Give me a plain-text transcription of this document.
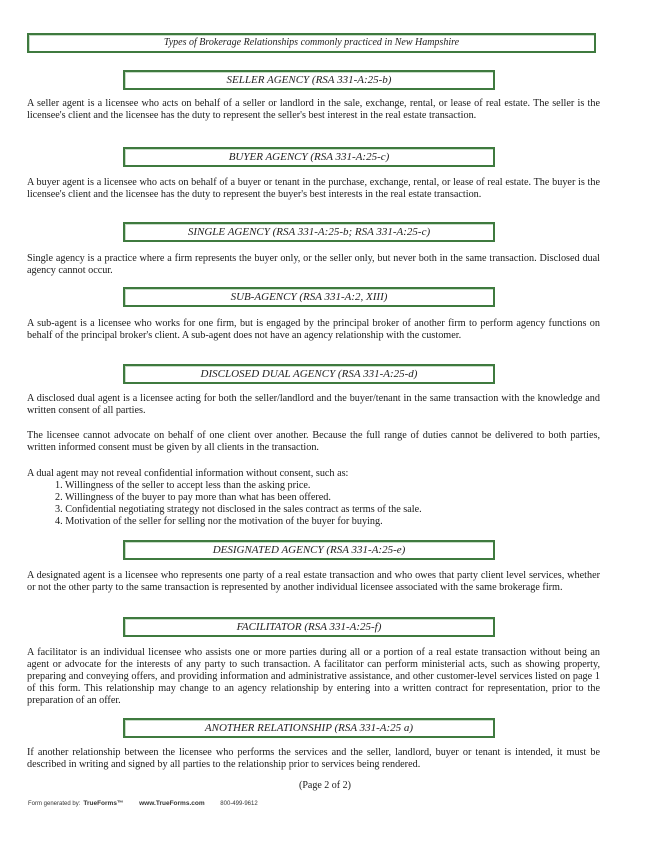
Types of Brokerage Relationships commonly practiced in New Hampshire
SELLER AGENCY (RSA 331-A:25-b)
A seller agent is a licensee who acts on behalf of a seller or landlord in the sale, exchange, rental, or lease of real estate. The seller is the licensee's client and the licensee has the duty to represent the seller's best interest in the real estate transaction.
BUYER AGENCY (RSA 331-A:25-c)
A buyer agent is a licensee who acts on behalf of a buyer or tenant in the purchase, exchange, rental, or lease of real estate. The buyer is the licensee's client and the licensee has the duty to represent the buyer's best interests in the real estate transaction.
SINGLE AGENCY (RSA 331-A:25-b; RSA 331-A:25-c)
Single agency is a practice where a firm represents the buyer only, or the seller only, but never both in the same transaction. Disclosed dual agency cannot occur.
SUB-AGENCY (RSA 331-A:2, XIII)
A sub-agent is a licensee who works for one firm, but is engaged by the principal broker of another firm to perform agency functions on behalf of the principal broker's client. A sub-agent does not have an agency relationship with the customer.
DISCLOSED DUAL AGENCY (RSA 331-A:25-d)
A disclosed dual agent is a licensee acting for both the seller/landlord and the buyer/tenant in the same transaction with the knowledge and written consent of all parties.
The licensee cannot advocate on behalf of one client over another. Because the full range of duties cannot be delivered to both parties, written informed consent must be given by all clients in the transaction.
A dual agent may not reveal confidential information without consent, such as:
1. Willingness of the seller to accept less than the asking price.
2. Willingness of the buyer to pay more than what has been offered.
3. Confidential negotiating strategy not disclosed in the sales contract as terms of the sale.
4. Motivation of the seller for selling nor the motivation of the buyer for buying.
DESIGNATED AGENCY (RSA 331-A:25-e)
A designated agent is a licensee who represents one party of a real estate transaction and who owes that party client level services, whether or not the other party to the same transaction is represented by another individual licensee associated with the same brokerage firm.
FACILITATOR (RSA 331-A:25-f)
A facilitator is an individual licensee who assists one or more parties during all or a portion of a real estate transaction without being an agent or advocate for the interests of any party to such transaction. A facilitator can perform ministerial acts, such as showing property, preparing and conveying offers, and providing information and administrative assistance, and other customer-level services listed on page 1 of this form. This relationship may change to an agency relationship by entering into a written contract for representation, prior to the preparation of an offer.
ANOTHER RELATIONSHIP (RSA 331-A:25 a)
If another relationship between the licensee who performs the services and the seller, landlord, buyer or tenant is intended, it must be described in writing and signed by all parties to the relationship prior to services being rendered.
(Page 2 of 2)
Form generated by: TrueForms™ www.TrueForms.com	800-499-9612
